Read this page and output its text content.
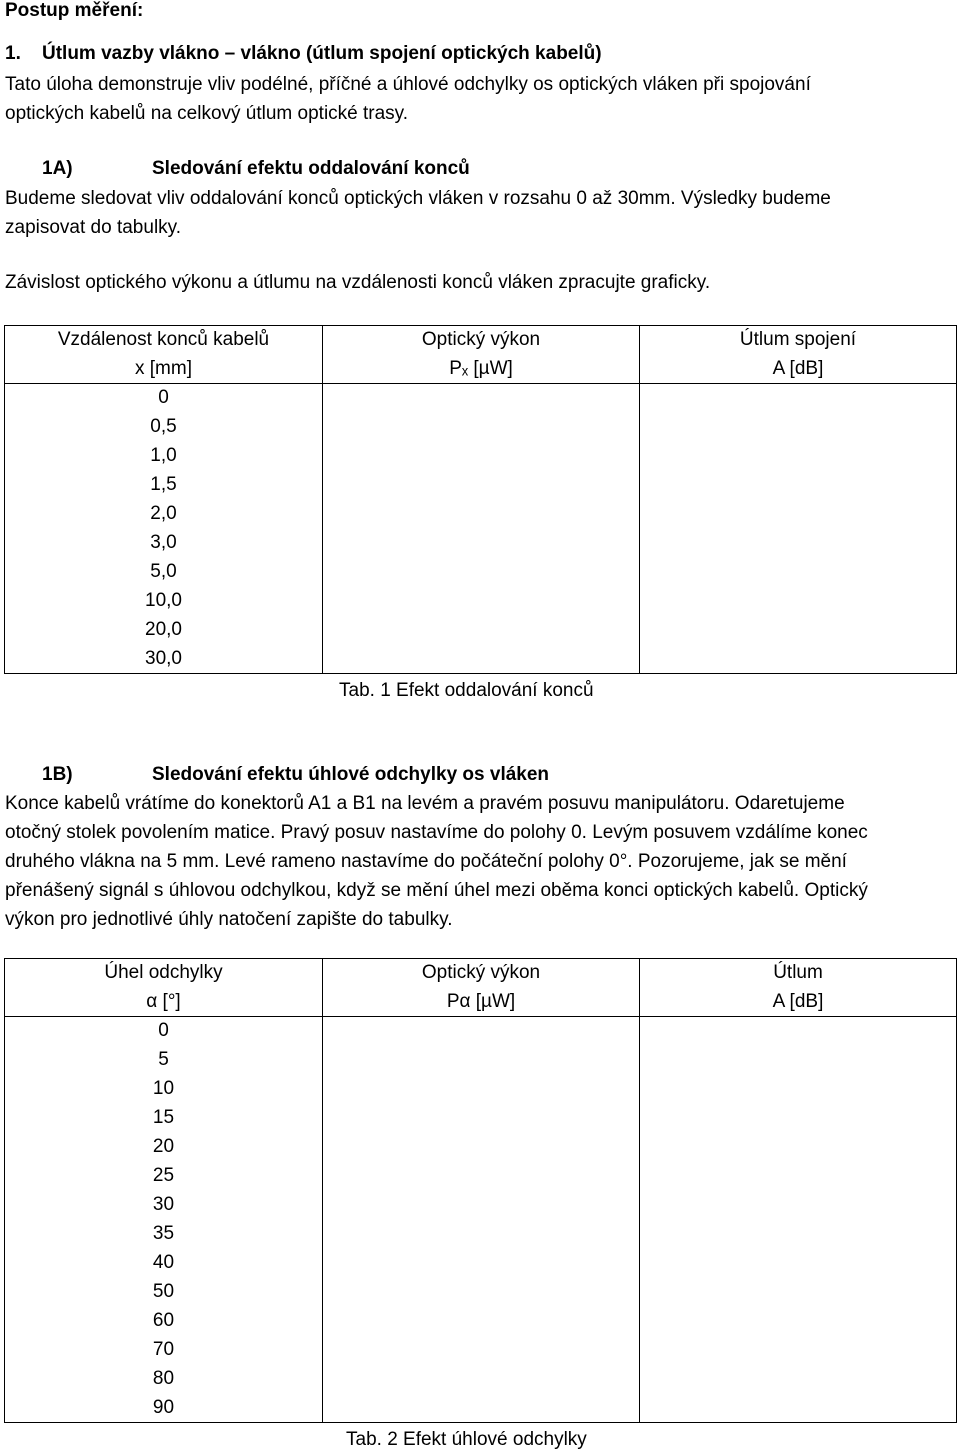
Postup měření:
1. Útlum vazby vlákno – vlákno (útlum spojení optických kabelů)
Tato úloha demonstruje vliv podélné, příčné a úhlové odchylky os optických vláken při spojování
optických kabelů na celkový útlum optické trasy.
1A)	Sledování efektu oddalování konců
Budeme sledovat vliv oddalování konců optických vláken v rozsahu 0 až 30mm. Výsledky budeme
zapisovat do tabulky.
Závislost optického výkonu a útlumu na vzdálenosti konců vláken zpracujte graficky.
Vzdálenost konců kabelů	Optický výkon	Útlum spojení
x [mm]	Pₓ [µW]	A [dB]
0		
0,5		
1,0		
1,5		
2,0		
3,0		
5,0		
10,0		
20,0		
30,0		
Tab. 1 Efekt oddalování konců
1B)	Sledování efektu úhlové odchylky os vláken
Konce kabelů vrátíme do konektorů A1 a B1 na levém a pravém posuvu manipulátoru. Odaretujeme
otočný stolek povolením matice. Pravý posuv nastavíme do polohy 0. Levým posuvem vzdálíme konec
druhého vlákna na 5 mm. Levé rameno nastavíme do počáteční polohy 0°. Pozorujeme, jak se mění
přenášený signál s úhlovou odchylkou, když se mění úhel mezi oběma konci optických kabelů. Optický
výkon pro jednotlivé úhly natočení zapište do tabulky.
Úhel odchylky	Optický výkon	Útlum
α [°]	Pα [µW]	A [dB]
0		
5		
10		
15		
20		
25		
30		
35		
40		
50		
60		
70		
80		
90		
Tab. 2 Efekt úhlové odchylky
